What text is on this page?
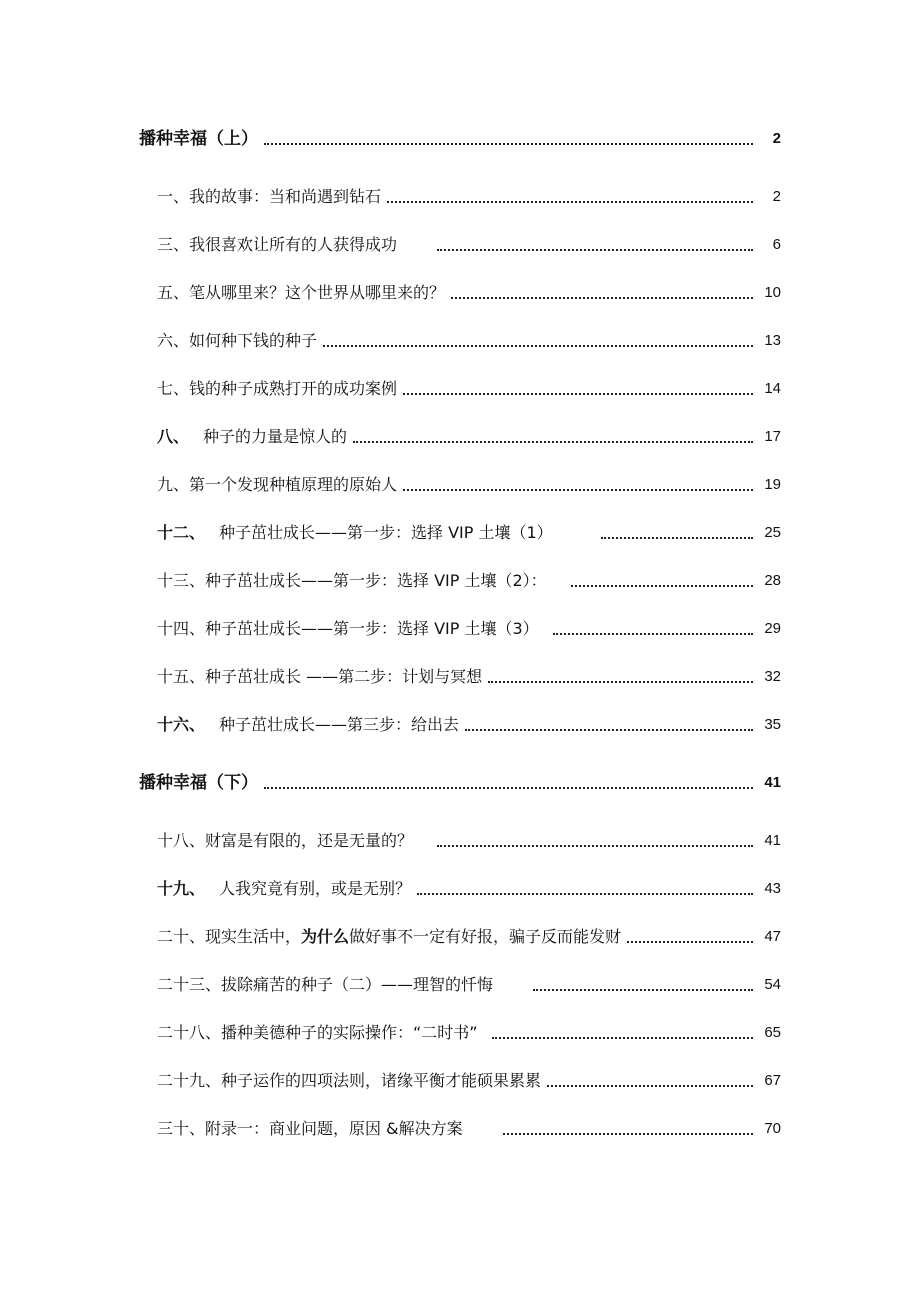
播种幸福（上）	2
一、我的故事：当和尚遇到钻石	2
三、我很喜欢让所有的人获得成功	6
五、笔从哪里来？这个世界从哪里来的？	10
六、如何种下钱的种子	13
七、钱的种子成熟打开的成功案例	14
八、 种子的力量是惊人的	17
九、第一个发现种植原理的原始人	19
十二、 种子茁壮成长——第一步：选择 VIP 土壤（1）	25
十三、种子茁壮成长——第一步：选择 VIP 土壤（2）：	28
十四、种子茁壮成长——第一步：选择 VIP 土壤（3）	29
十五、种子茁壮成长 ——第二步：计划与冥想	32
十六、 种子茁壮成长——第三步：给出去	35
播种幸福（下）	41
十八、财富是有限的，还是无量的？	41
十九、 人我究竟有别，或是无别？	43
二十、现实生活中， 为什么 做好事不一定有好报，骗子反而能发财	47
二十三、拔除痛苦的种子（二）——理智的忏悔	54
二十八、播种美德种子的实际操作：“二时书”	65
二十九、种子运作的四项法则，诸缘平衡才能硕果累累	67
三十、附录一：商业问题，原因 &解决方案	70
